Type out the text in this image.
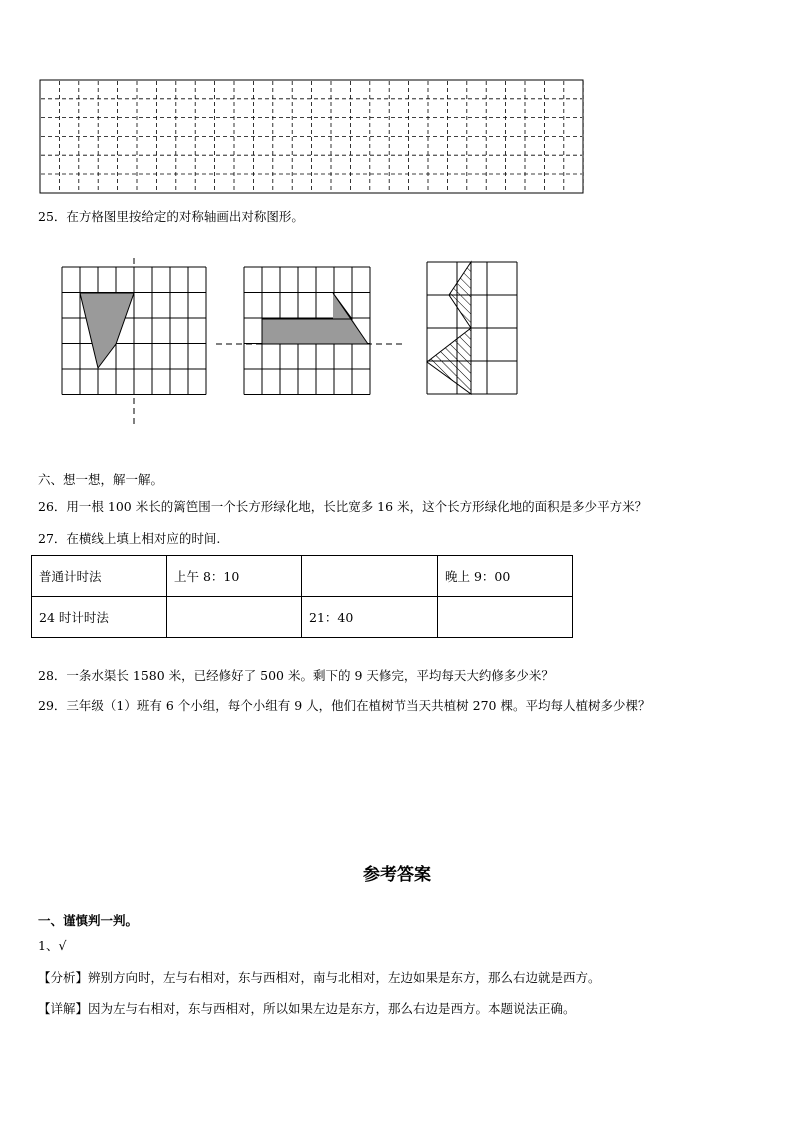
25．在方格图里按给定的对称轴画出对称图形。
六、想一想，解一解。
26．用一根 100 米长的篱笆围一个长方形绿化地，长比宽多 16 米，这个长方形绿化地的面积是多少平方米？
27．在横线上填上相对应的时间.
普通计时法	上午 8：10		晚上 9：00
24 时计时法		21：40	
28．一条水渠长 1580 米，已经修好了 500 米。剩下的 9 天修完，平均每天大约修多少米？
29．三年级（1）班有 6 个小组，每个小组有 9 人，他们在植树节当天共植树 270 棵。平均每人植树多少棵？
参考答案
一、谨慎判一判。
1、√
【分析】辨别方向时，左与右相对，东与西相对，南与北相对，左边如果是东方，那么右边就是西方。
【详解】因为左与右相对，东与西相对，所以如果左边是东方，那么右边是西方。本题说法正确。
